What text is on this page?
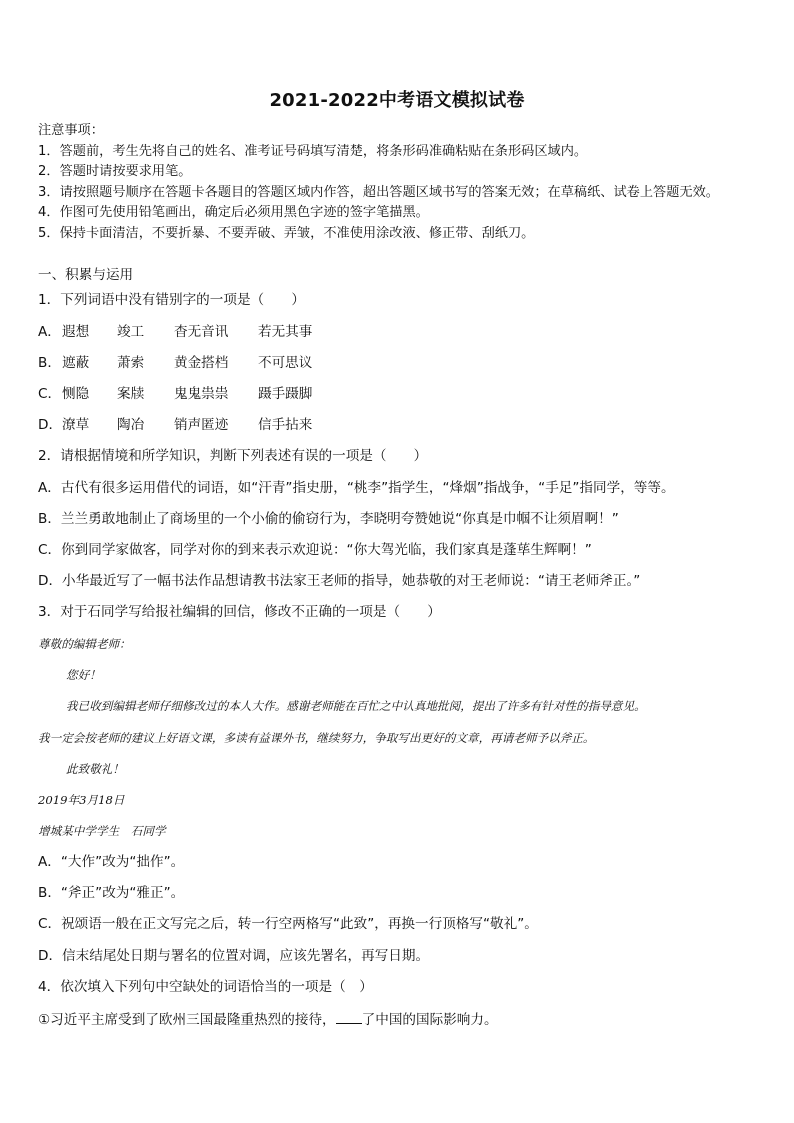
2021-2022中考语文模拟试卷
注意事项：
1．答题前，考生先将自己的姓名、准考证号码填写清楚，将条形码准确粘贴在条形码区域内。
2．答题时请按要求用笔。
3．请按照题号顺序在答题卡各题目的答题区域内作答，超出答题区域书写的答案无效；在草稿纸、试卷上答题无效。
4．作图可先使用铅笔画出，确定后必须用黑色字迹的签字笔描黑。
5．保持卡面清洁，不要折暴、不要弄破、弄皱，不准使用涂改液、修正带、刮纸刀。
一、积累与运用
1．下列词语中没有错别字的一项是（　　）
A． 遐想 竣工 杳无音讯 若无其事
B． 遮蔽 萧索 黄金搭档 不可思议
C． 恻隐 案牍 鬼鬼祟祟 蹑手蹑脚
D． 潦草 陶冶 销声匿迹 信手拈来
2．请根据情境和所学知识，判断下列表述有误的一项是（　　）
A．古代有很多运用借代的词语，如“汗青”指史册，“桃李”指学生，“烽烟”指战争，“手足”指同学，等等。
B．兰兰勇敢地制止了商场里的一个小偷的偷窃行为，李晓明夸赞她说“你真是巾帼不让须眉啊！”
C．你到同学家做客，同学对你的到来表示欢迎说：“你大驾光临，我们家真是蓬荜生辉啊！”
D．小华最近写了一幅书法作品想请教书法家王老师的指导，她恭敬的对王老师说：“请王老师斧正。”
3．对于石同学写给报社编辑的回信，修改不正确的一项是（　　）
尊敬的编辑老师：
您好！
我已收到编辑老师仔细修改过的本人大作。感谢老师能在百忙之中认真地批阅，提出了许多有针对性的指导意见。
我一定会按老师的建议上好语文课，多读有益课外书，继续努力，争取写出更好的文章，再请老师予以斧正。
此致敬礼！
2019年3月18日
增城某中学学生　石同学
A．“大作”改为“拙作”。
B．“斧正”改为“雅正”。
C．祝颂语一般在正文写完之后，转一行空两格写“此致”，再换一行顶格写“敬礼”。
D．信末结尾处日期与署名的位置对调，应该先署名，再写日期。
4．依次填入下列句中空缺处的词语恰当的一项是（　）
①习近平主席受到了欧州三国最隆重热烈的接待， 了中国的国际影响力。
